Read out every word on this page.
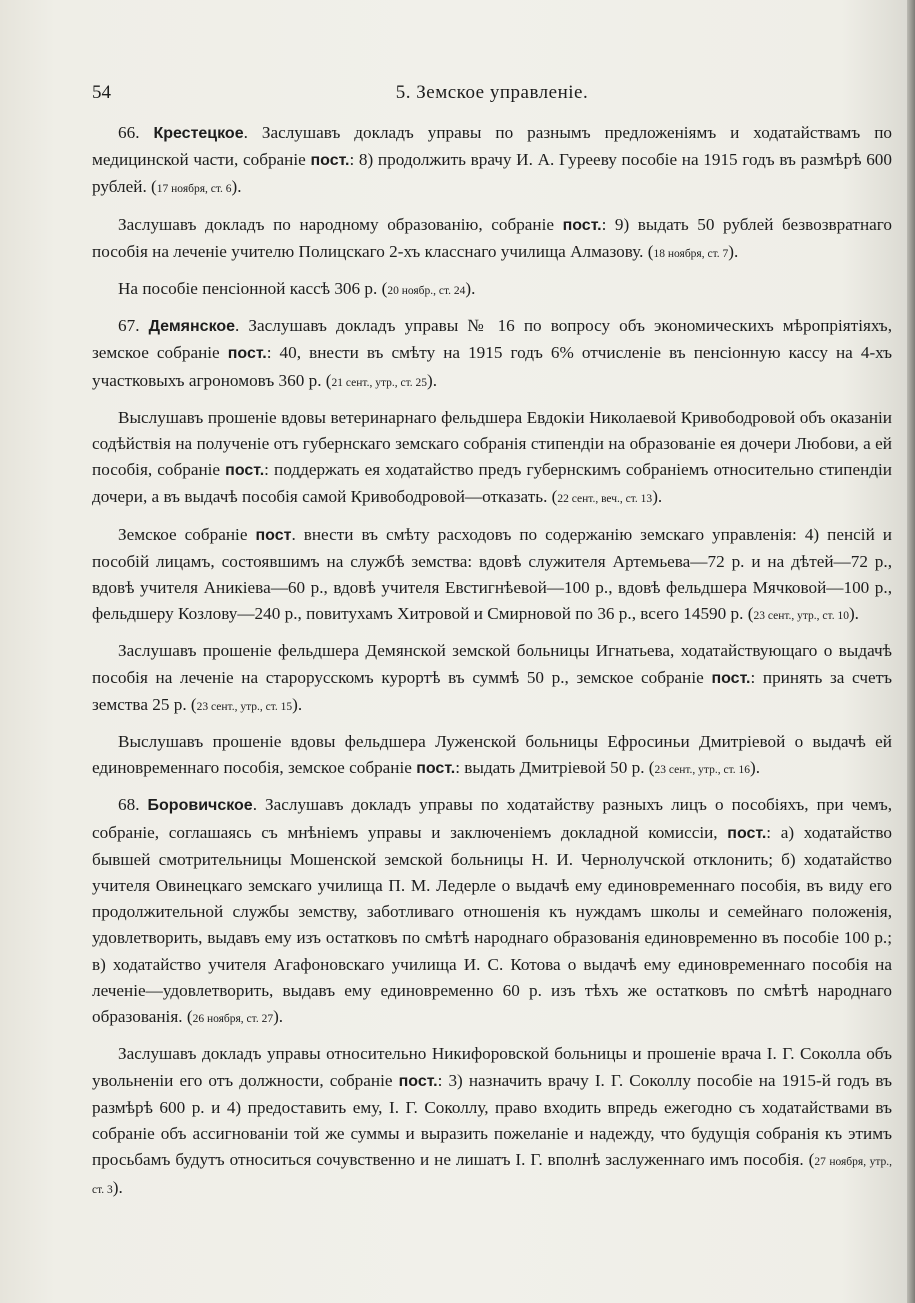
54	5. Земское управленіе.

66. Крестецкое. Заслушавъ докладъ управы по разнымъ предложеніямъ и ходатайствамъ по медицинской части, собраніе пост.: 8) продолжить врачу И. А. Гурееву пособіе на 1915 годъ въ размѣрѣ 600 рублей. (17 ноября, ст. 6).

Заслушавъ докладъ по народному образованію, собраніе пост.: 9) выдать 50 рублей безвозвратнаго пособія на леченіе учителю Полицскаго 2-хъ класснаго училища Алмазову. (18 ноября, ст. 7).

На пособіе пенсіонной кассѣ 306 р. (20 ноябр., ст. 24).

67. Демянское. Заслушавъ докладъ управы № 16 по вопросу объ экономическихъ мѣропріятіяхъ, земское собраніе пост.: 40, внести въ смѣту на 1915 годъ 6% отчисленіе въ пенсіонную кассу на 4-хъ участковыхъ агрономовъ 360 р. (21 сент., утр., ст. 25).

Выслушавъ прошеніе вдовы ветеринарнаго фельдшера Евдокіи Николаевой Кривободровой объ оказаніи содѣйствія на полученіе отъ губернскаго земскаго собранія стипендіи на образованіе ея дочери Любови, а ей пособія, собраніе пост.: поддержать ея ходатайство предъ губернскимъ собраніемъ относительно стипендіи дочери, а въ выдачѣ пособія самой Кривободровой—отказать. (22 сент., веч., ст. 13).

Земское собраніе пост. внести въ смѣту расходовъ по содержанію земскаго управленія: 4) пенсій и пособій лицамъ, состоявшимъ на службѣ земства: вдовѣ служителя Артемьева—72 р. и на дѣтей—72 р., вдовѣ учителя Аникіева—60 р., вдовѣ учителя Евстигнѣевой—100 р., вдовѣ фельдшера Мячковой—100 р., фельдшеру Козлову—240 р., повитухамъ Хитровой и Смирновой по 36 р., всего 14590 р. (23 сент., утр., ст. 10).

Заслушавъ прошеніе фельдшера Демянской земской больницы Игнатьева, ходатайствующаго о выдачѣ пособія на леченіе на старорусскомъ курортѣ въ суммѣ 50 р., земское собраніе пост.: принять за счетъ земства 25 р. (23 сент., утр., ст. 15).

Выслушавъ прошеніе вдовы фельдшера Луженской больницы Ефросиньи Дмитріевой о выдачѣ ей единовременнаго пособія, земское собраніе пост.: выдать Дмитріевой 50 р. (23 сент., утр., ст. 16).

68. Боровичское. Заслушавъ докладъ управы по ходатайству разныхъ лицъ о пособіяхъ, при чемъ, собраніе, соглашаясь съ мнѣніемъ управы и заключеніемъ докладной комиссіи, пост.: а) ходатайство бывшей смотрительницы Мошенской земской больницы Н. И. Чернолучской отклонить; б) ходатайство учителя Овинецкаго земскаго училища П. М. Ледерле о выдачѣ ему единовременнаго пособія, въ виду его продолжительной службы земству, заботливаго отношенія къ нуждамъ школы и семейнаго положенія, удовлетворить, выдавъ ему изъ остатковъ по смѣтѣ народнаго образованія единовременно въ пособіе 100 р.; в) ходатайство учителя Агафоновскаго училища И. С. Котова о выдачѣ ему единовременнаго пособія на леченіе—удовлетворить, выдавъ ему единовременно 60 р. изъ тѣхъ же остатковъ по смѣтѣ народнаго образованія. (26 ноября, ст. 27).

Заслушавъ докладъ управы относительно Никифоровской больницы и прошеніе врача І. Г. Соколла объ увольненіи его отъ должности, собраніе пост.: 3) назначить врачу І. Г. Соколлу пособіе на 1915-й годъ въ размѣрѣ 600 р. и 4) предоставить ему, І. Г. Соколлу, право входить впредь ежегодно съ ходатайствами въ собраніе объ ассигнованіи той же суммы и выразить пожеланіе и надежду, что будущія собранія къ этимъ просьбамъ будутъ относиться сочувственно и не лишатъ І. Г. вполнѣ заслуженнаго имъ пособія. (27 ноября, утр., ст. 3).
